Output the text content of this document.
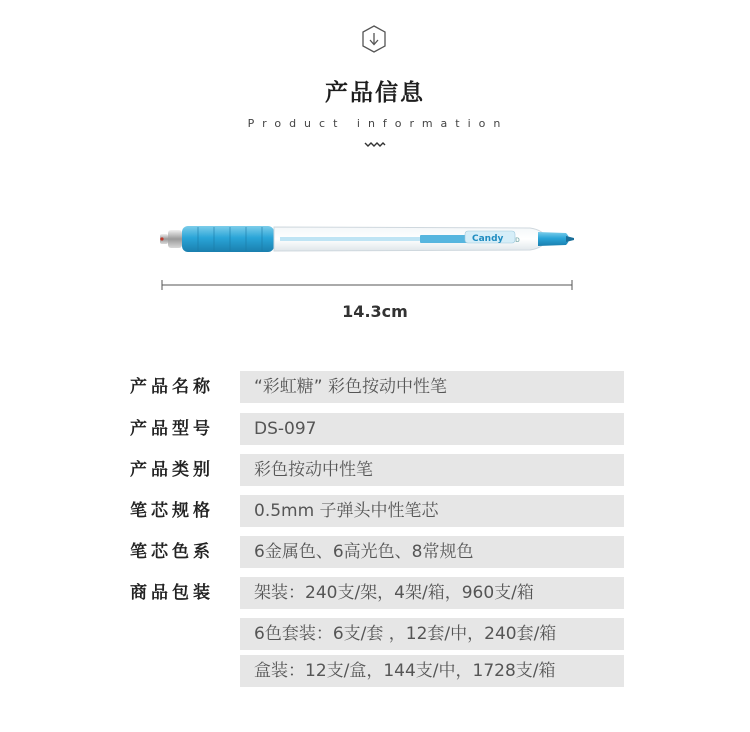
产品信息
Product information
Candy ᴅ
14.3cm
产品名称	“彩虹糖” 彩色按动中性笔
产品型号	DS-097
产品类别	彩色按动中性笔
笔芯规格	0.5mm 子弹头中性笔芯
笔芯色系	6金属色、6高光色、8常规色
商品包装	架装：240支/架，4架/箱，960支/箱
6色套装：6支/套 ，12套/中，240套/箱
盒装：12支/盒，144支/中，1728支/箱
